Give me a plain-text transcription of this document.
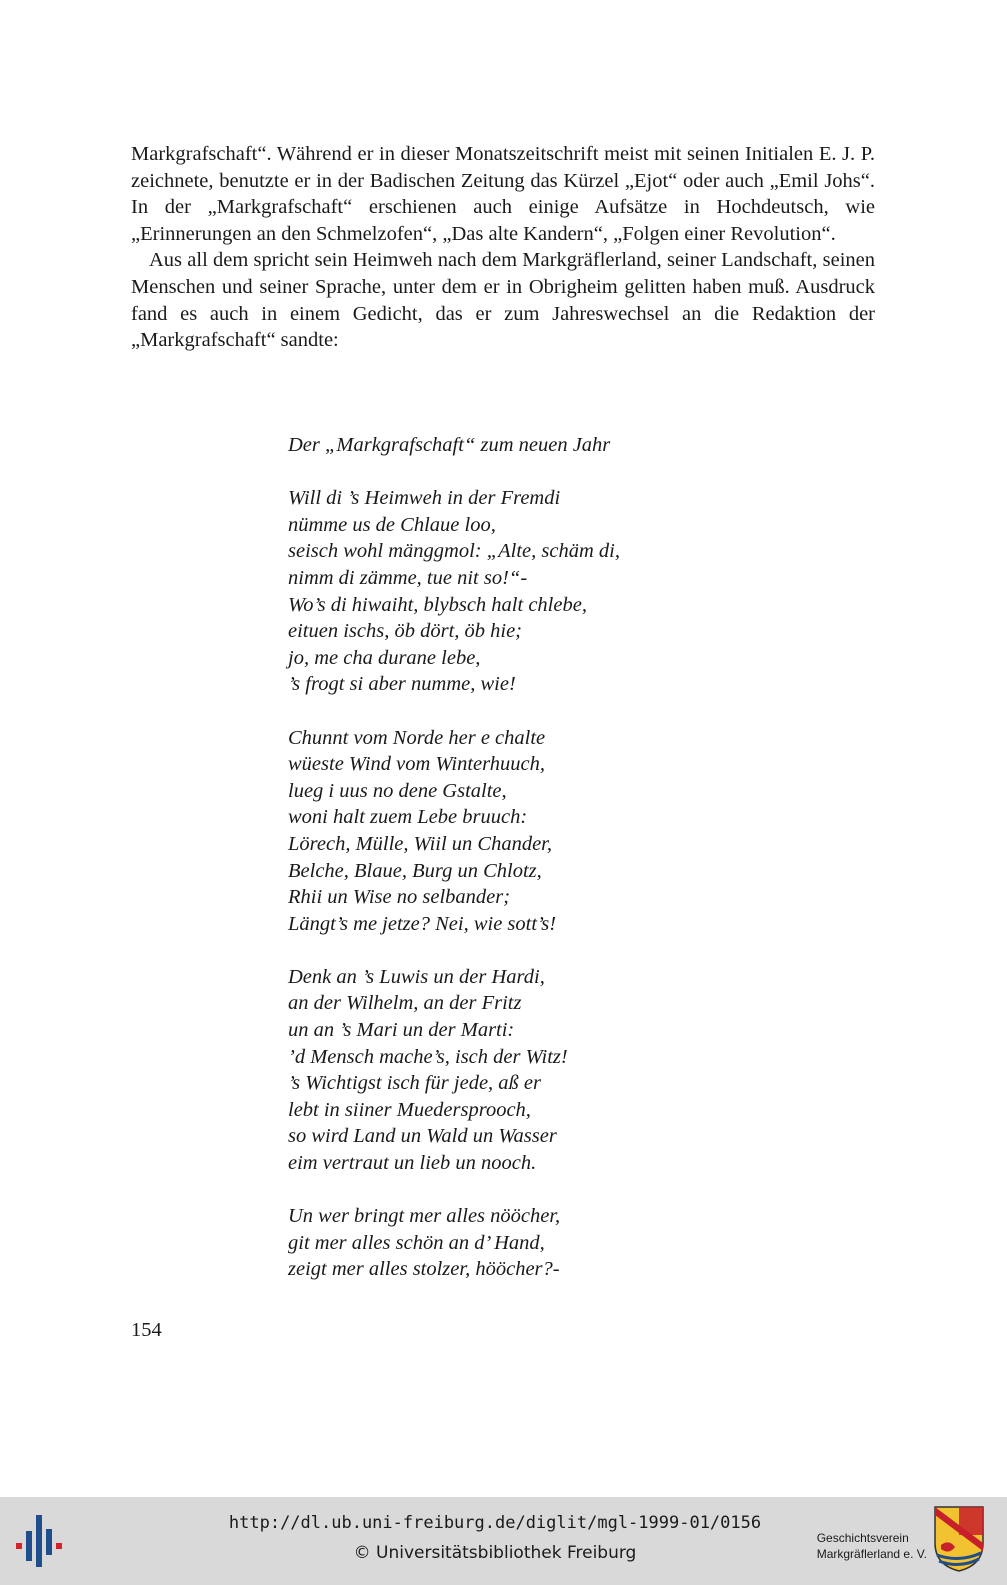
Markgrafschaft“. Während er in dieser Monatszeitschrift meist mit seinen Initialen E. J. P. zeichnete, benutzte er in der Badischen Zeitung das Kürzel „Ejot“ oder auch „Emil Johs“. In der „Markgrafschaft“ erschienen auch einige Aufsätze in Hochdeutsch, wie „Erinnerungen an den Schmelzofen“, „Das alte Kandern“, „Folgen einer Revolution“.

Aus all dem spricht sein Heimweh nach dem Markgräflerland, seiner Landschaft, seinen Menschen und seiner Sprache, unter dem er in Obrigheim gelitten haben muß. Ausdruck fand es auch in einem Gedicht, das er zum Jahreswechsel an die Redaktion der „Markgrafschaft“ sandte:

Der „Markgrafschaft“ zum neuen Jahr
Will di ’s Heimweh in der Fremdi
nümme us de Chlaue loo,
seisch wohl mänggmol: „Alte, schäm di,
nimm di zämme, tue nit so!“-
Wo’s di hiwaiht, blybsch halt chlebe,
eituen ischs, öb dört, öb hie;
jo, me cha durane lebe,
’s frogt si aber numme, wie!
Chunnt vom Norde her e chalte
wüeste Wind vom Winterhuuch,
lueg i uus no dene Gstalte,
woni halt zuem Lebe bruuch:
Lörech, Mülle, Wiil un Chander,
Belche, Blaue, Burg un Chlotz,
Rhii un Wise no selbander;
Längt’s me jetze? Nei, wie sott’s!
Denk an ’s Luwis un der Hardi,
an der Wilhelm, an der Fritz
un an ’s Mari un der Marti:
’d Mensch mache’s, isch der Witz!
’s Wichtigst isch für jede, aß er
lebt in siiner Muedersprooch,
so wird Land un Wald un Wasser
eim vertraut un lieb un nooch.
Un wer bringt mer alles nööcher,
git mer alles schön an d’ Hand,
zeigt mer alles stolzer, hööcher?-
154
http://dl.ub.uni-freiburg.de/diglit/mgl-1999-01/0156
© Universitätsbibliothek Freiburg
Geschichtsverein
Markgräflerland e. V.
